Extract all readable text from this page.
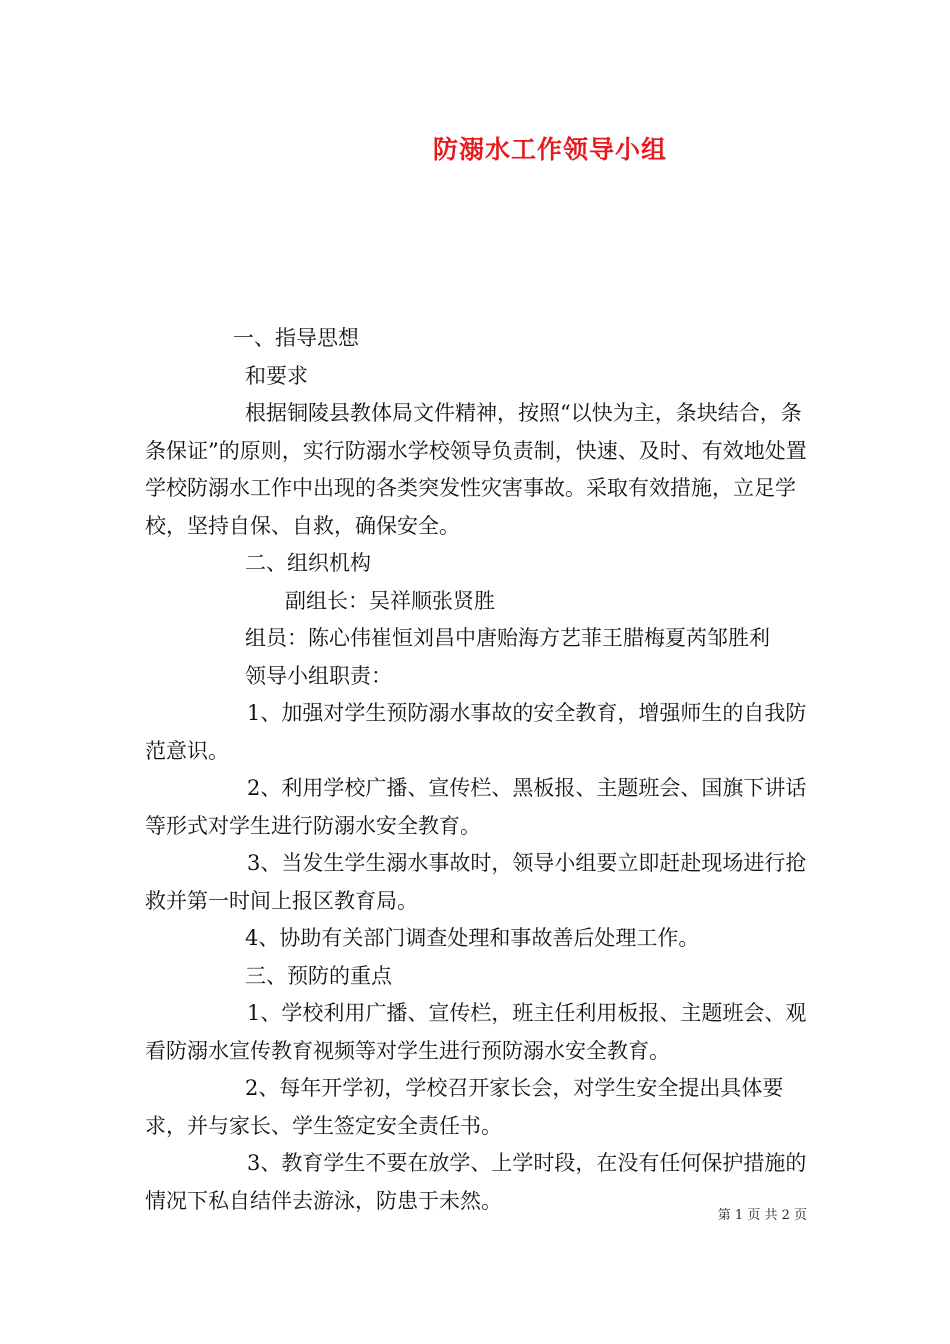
防溺水工作领导小组

一、指导思想

和要求

根据铜陵县教体局文件精神，按照“以快为主，条块结合，条条保证”的原则，实行防溺水学校领导负责制，快速、及时、有效地处置学校防溺水工作中出现的各类突发性灾害事故。采取有效措施，立足学校，坚持自保、自救，确保安全。

二、组织机构

副组长：吴祥顺张贤胜

组员：陈心伟崔恒刘昌中唐贻海方艺菲王腊梅夏芮邹胜利

领导小组职责：

1、加强对学生预防溺水事故的安全教育，增强师生的自我防范意识。

2、利用学校广播、宣传栏、黑板报、主题班会、国旗下讲话等形式对学生进行防溺水安全教育。

3、当发生学生溺水事故时，领导小组要立即赶赴现场进行抢救并第一时间上报区教育局。

4、协助有关部门调查处理和事故善后处理工作。

三、预防的重点

1、学校利用广播、宣传栏，班主任利用板报、主题班会、观看防溺水宣传教育视频等对学生进行预防溺水安全教育。

2、每年开学初，学校召开家长会，对学生安全提出具体要求，并与家长、学生签定安全责任书。

3、教育学生不要在放学、上学时段，在没有任何保护措施的情况下私自结伴去游泳，防患于未然。

第 1 页 共 2 页
